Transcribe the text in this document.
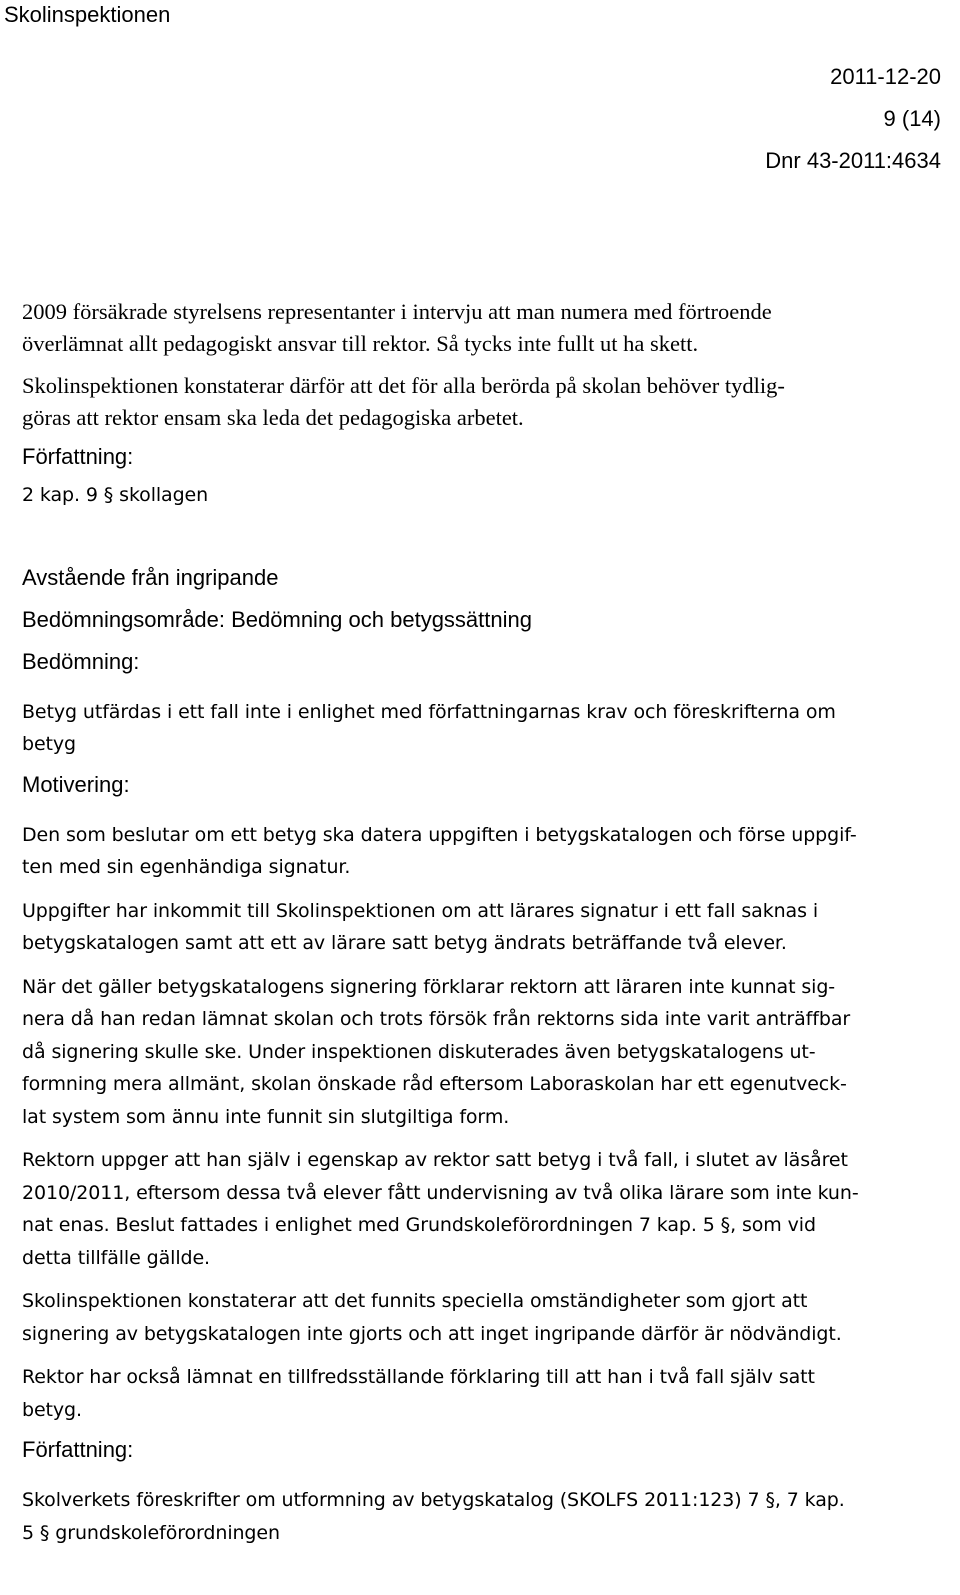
Skolinspektionen
2011-12-20
9 (14)
Dnr 43-2011:4634

2009 försäkrade styrelsens representanter i intervju att man numera med förtroende
överlämnat allt pedagogiskt ansvar till rektor. Så tycks inte fullt ut ha skett.

Skolinspektionen konstaterar därför att det för alla berörda på skolan behöver tydlig-
göras att rektor ensam ska leda det pedagogiska arbetet.

Författning:

2 kap. 9 § skollagen

Avstående från ingripande

Bedömningsområde: Bedömning och betygssättning

Bedömning:

Betyg utfärdas i ett fall inte i enlighet med författningarnas krav och föreskrifterna om
betyg

Motivering:

Den som beslutar om ett betyg ska datera uppgiften i betygskatalogen och förse uppgif-
ten med sin egenhändiga signatur.

Uppgifter har inkommit till Skolinspektionen om att lärares signatur i ett fall saknas i
betygskatalogen samt att ett av lärare satt betyg ändrats beträffande två elever.

När det gäller betygskatalogens signering förklarar rektorn att läraren inte kunnat sig-
nera då han redan lämnat skolan och trots försök från rektorns sida inte varit anträffbar
då signering skulle ske. Under inspektionen diskuterades även betygskatalogens ut-
formning mera allmänt, skolan önskade råd eftersom Laboraskolan har ett egenutveck-
lat system som ännu inte funnit sin slutgiltiga form.

Rektorn uppger att han själv i egenskap av rektor satt betyg i två fall, i slutet av läsåret
2010/2011, eftersom dessa två elever fått undervisning av två olika lärare som inte kun-
nat enas. Beslut fattades i enlighet med Grundskoleförordningen 7 kap. 5 §, som vid
detta tillfälle gällde.

Skolinspektionen konstaterar att det funnits speciella omständigheter som gjort att
signering av betygskatalogen inte gjorts och att inget ingripande därför är nödvändigt.

Rektor har också lämnat en tillfredsställande förklaring till att han i två fall själv satt
betyg.

Författning:

Skolverkets föreskrifter om utformning av betygskatalog (SKOLFS 2011:123) 7 §, 7 kap.
5 § grundskoleförordningen
